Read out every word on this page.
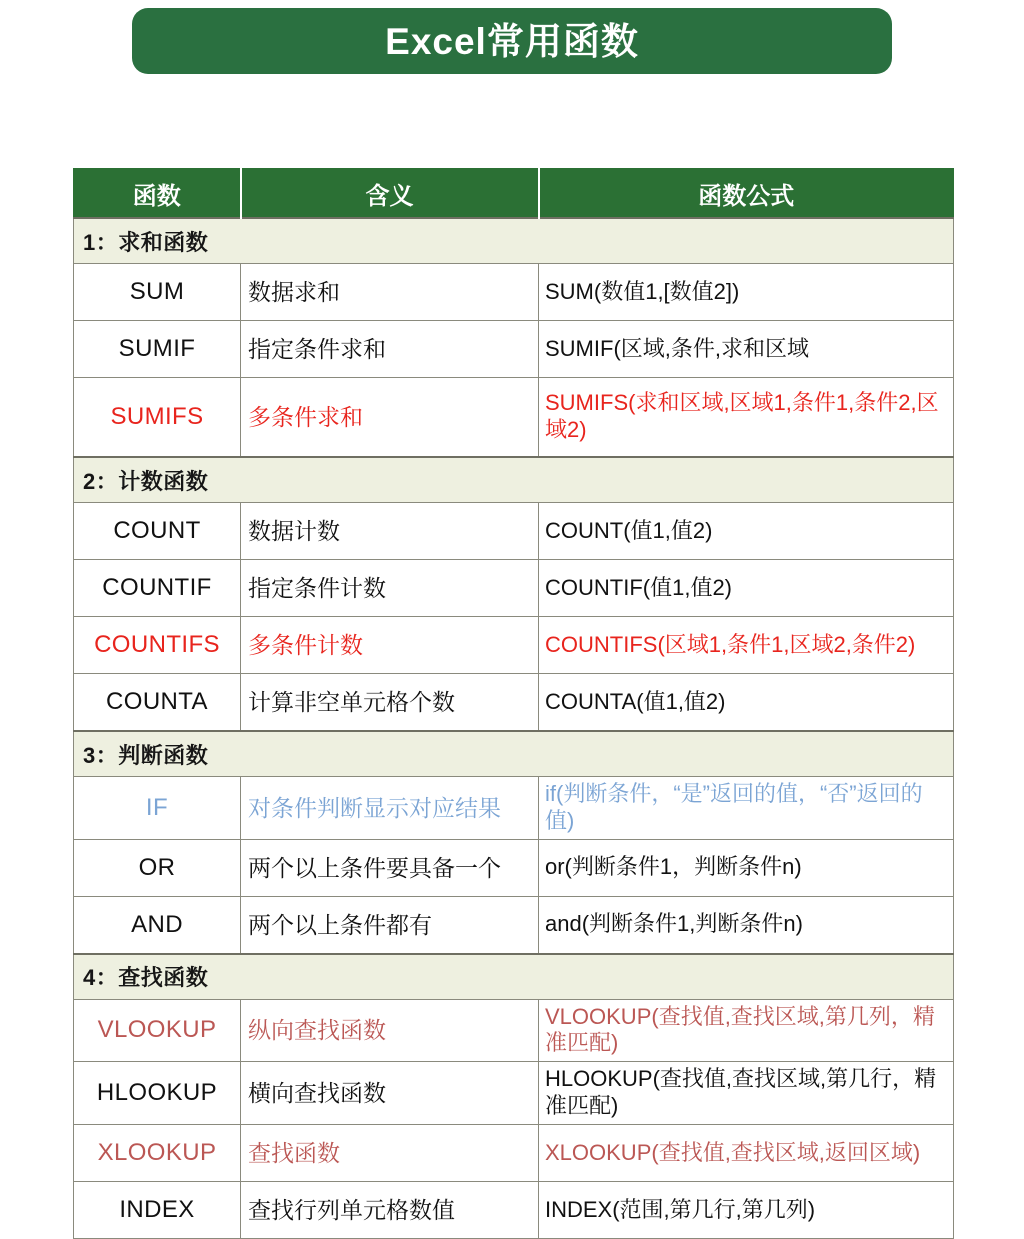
Excel常用函数
函数	含义	函数公式
1：求和函数		
SUM	数据求和	SUM(数值1,[数值2])
SUMIF	指定条件求和	SUMIF(区域,条件,求和区域
SUMIFS	多条件求和	SUMIFS(求和区域,区域1,条件1,条件2,区域2)
2：计数函数		
COUNT	数据计数	COUNT(值1,值2)
COUNTIF	指定条件计数	COUNTIF(值1,值2)
COUNTIFS	多条件计数	COUNTIFS(区域1,条件1,区域2,条件2)
COUNTA	计算非空单元格个数	COUNTA(值1,值2)
3：判断函数		
IF	对条件判断显示对应结果	if(判断条件，“是”返回的值，“否”返回的值)
OR	两个以上条件要具备一个	or(判断条件1，判断条件n)
AND	两个以上条件都有	and(判断条件1,判断条件n)
4：查找函数		
VLOOKUP	纵向查找函数	VLOOKUP(查找值,查找区域,第几列，精准匹配)
HLOOKUP	横向查找函数	HLOOKUP(查找值,查找区域,第几行，精准匹配)
XLOOKUP	查找函数	XLOOKUP(查找值,查找区域,返回区域)
INDEX	查找行列单元格数值	INDEX(范围,第几行,第几列)
